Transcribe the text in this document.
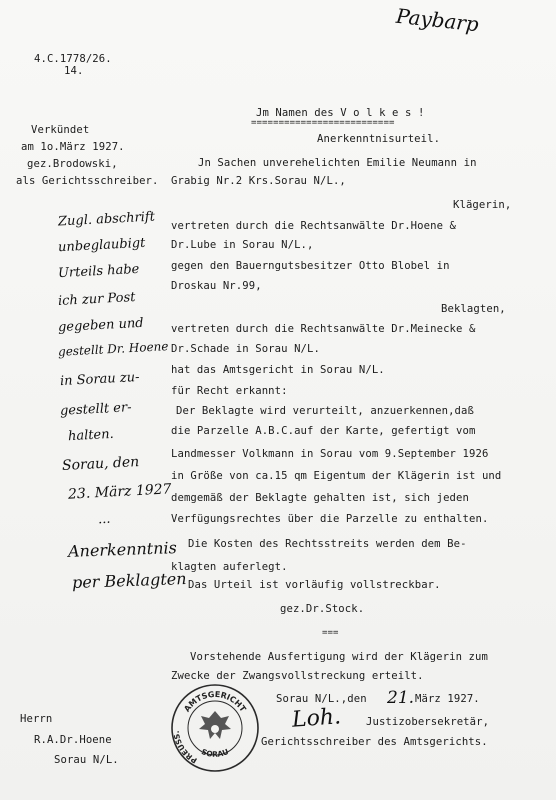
Paybarp
4.C.1778/26.
14.
Verkündet
am 1o.März 1927.
gez.Brodowski,
als Gerichtsschreiber.
Jm Namen des V o l k e s !
==========================
Anerkenntnisurteil.
Jn Sachen unverehelichten Emilie Neumann in
Grabig Nr.2 Krs.Sorau N/L.,
Klägerin,
vertreten durch die Rechtsanwälte Dr.Hoene &
Dr.Lube in Sorau N/L.,
gegen den Bauerngutsbesitzer Otto Blobel in
Droskau Nr.99,
Beklagten,
vertreten durch die Rechtsanwälte Dr.Meinecke &
Dr.Schade in Sorau N/L.
hat das Amtsgericht in Sorau N/L.
für Recht erkannt:
Der Beklagte wird verurteilt, anzuerkennen,daß
die Parzelle A.B.C.auf der Karte, gefertigt vom
Landmesser Volkmann in Sorau vom 9.September 1926
in Größe von ca.15 qm Eigentum der Klägerin ist und
demgemäß der Beklagte gehalten ist, sich jeden
Verfügungsrechtes über die Parzelle zu enthalten.
Die Kosten des Rechtsstreits werden dem Be-
klagten auferlegt.
Das Urteil ist vorläufig vollstreckbar.
gez.Dr.Stock.
===
Vorstehende Ausfertigung wird der Klägerin zum
Zwecke der Zwangsvollstreckung erteilt.
Sorau N/L.,den 21. März 1927.
Loh. Justizobersekretär,
Gerichtsschreiber des Amtsgerichts.
Herrn
R.A.Dr.Hoene
Sorau N/L.
Zugl. abschrift
unbeglaubigt
Urteils habe
ich zur Post
gegeben und
gestellt Dr. Hoene
in Sorau zu-
gestellt er-
halten.
Sorau, den
23. März 1927
...
Anerkenntnis
per Beklagten
AMTSGERICHT
PREUSS.
SORAU
